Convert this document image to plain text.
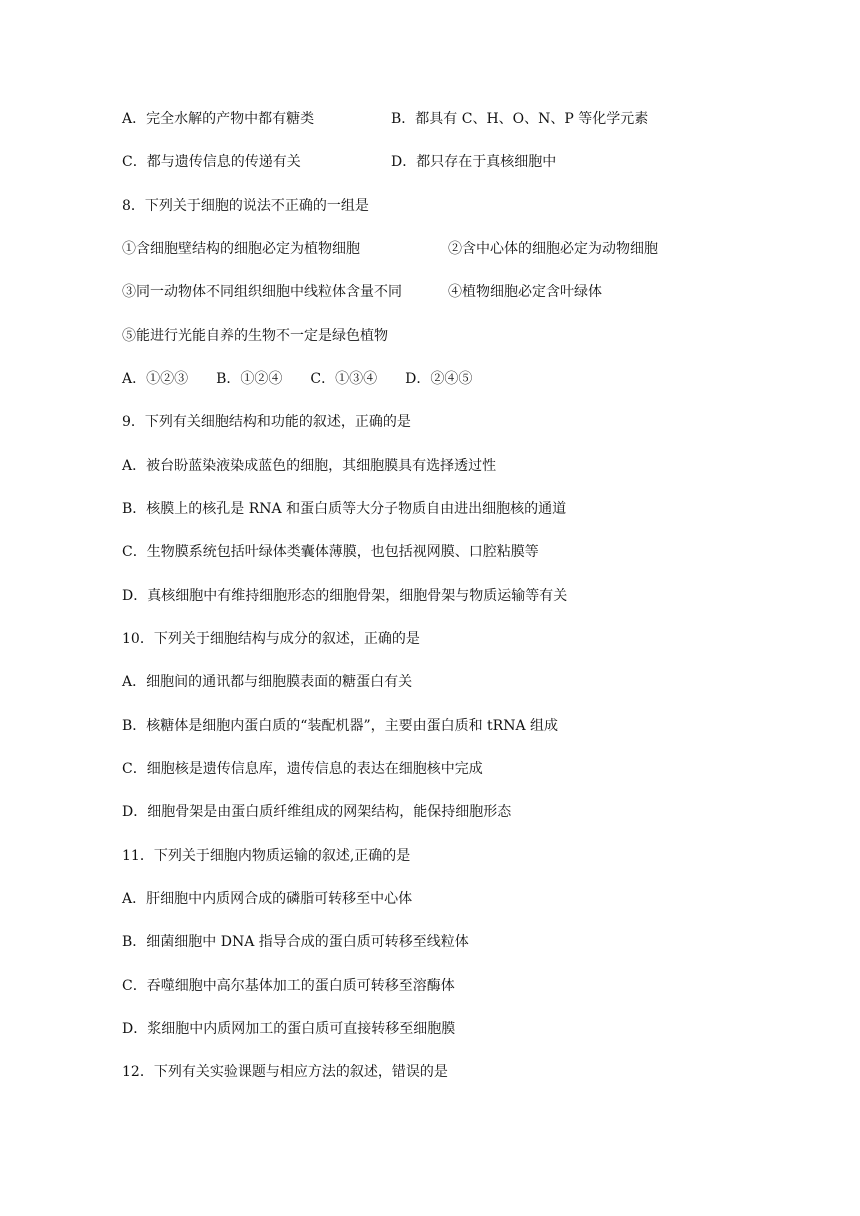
A．完全水解的产物中都有糖类	B．都具有 C、H、O、N、P 等化学元素
C．都与遗传信息的传递有关	D．都只存在于真核细胞中
8．下列关于细胞的说法不正确的一组是
①含细胞壁结构的细胞必定为植物细胞	②含中心体的细胞必定为动物细胞
③同一动物体不同组织细胞中线粒体含量不同	④植物细胞必定含叶绿体
⑤能进行光能自养的生物不一定是绿色植物
A．①②③　　B．①②④　　C．①③④　　D．②④⑤
9．下列有关细胞结构和功能的叙述，正确的是
A．被台盼蓝染液染成蓝色的细胞，其细胞膜具有选择透过性
B．核膜上的核孔是 RNA 和蛋白质等大分子物质自由进出细胞核的通道
C．生物膜系统包括叶绿体类囊体薄膜，也包括视网膜、口腔粘膜等
D．真核细胞中有维持细胞形态的细胞骨架，细胞骨架与物质运输等有关
10．下列关于细胞结构与成分的叙述，正确的是
A．细胞间的通讯都与细胞膜表面的糖蛋白有关
B．核糖体是细胞内蛋白质的“装配机器”，主要由蛋白质和 tRNA 组成
C．细胞核是遗传信息库，遗传信息的表达在细胞核中完成
D．细胞骨架是由蛋白质纤维组成的网架结构，能保持细胞形态
11．下列关于细胞内物质运输的叙述,正确的是
A．肝细胞中内质网合成的磷脂可转移至中心体
B．细菌细胞中 DNA 指导合成的蛋白质可转移至线粒体
C．吞噬细胞中高尔基体加工的蛋白质可转移至溶酶体
D．浆细胞中内质网加工的蛋白质可直接转移至细胞膜
12．下列有关实验课题与相应方法的叙述，错误的是
